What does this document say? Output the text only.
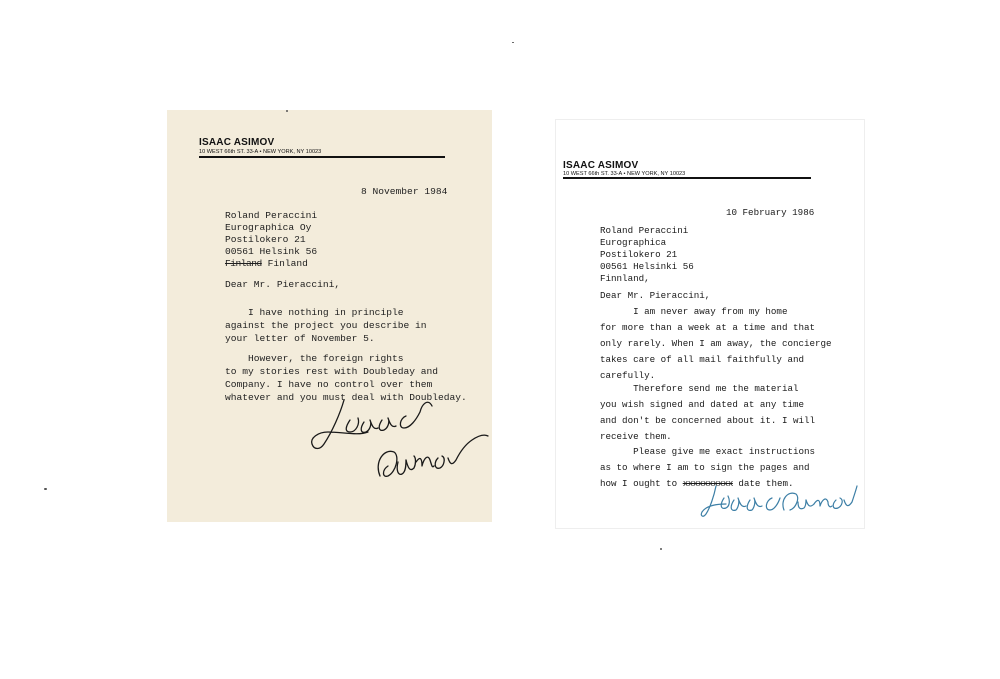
ISAAC ASIMOV
10 WEST 66th ST. 33-A • NEW YORK, NY 10023
8 November 1984
Roland Peraccini
Eurographica Oy
Postilokero 21
00561 Helsink 56
Finland Finland
Dear Mr. Pieraccini,
I have nothing in principle
against the project you describe in
your letter of November 5.
However, the foreign rights
to my stories rest with Doubleday and
Company. I have no control over them
whatever and you must deal with Doubleday.
ISAAC ASIMOV
10 WEST 66th ST. 33-A • NEW YORK, NY 10023
10 February 1986
Roland Peraccini
Eurographica
Postilokero 21
00561 Helsinki 56
Finnland,
Dear Mr. Pieraccini,
I am never away from my home
for more than a week at a time and that
only rarely. When I am away, the concierge
takes care of all mail faithfully and
carefully.
Therefore send me the material
you wish signed and dated at any time
and don't be concerned about it. I will
receive them.
Please give me exact instructions
as to where I am to sign the pages and
how I ought to xxxxxxxxxx date them.
